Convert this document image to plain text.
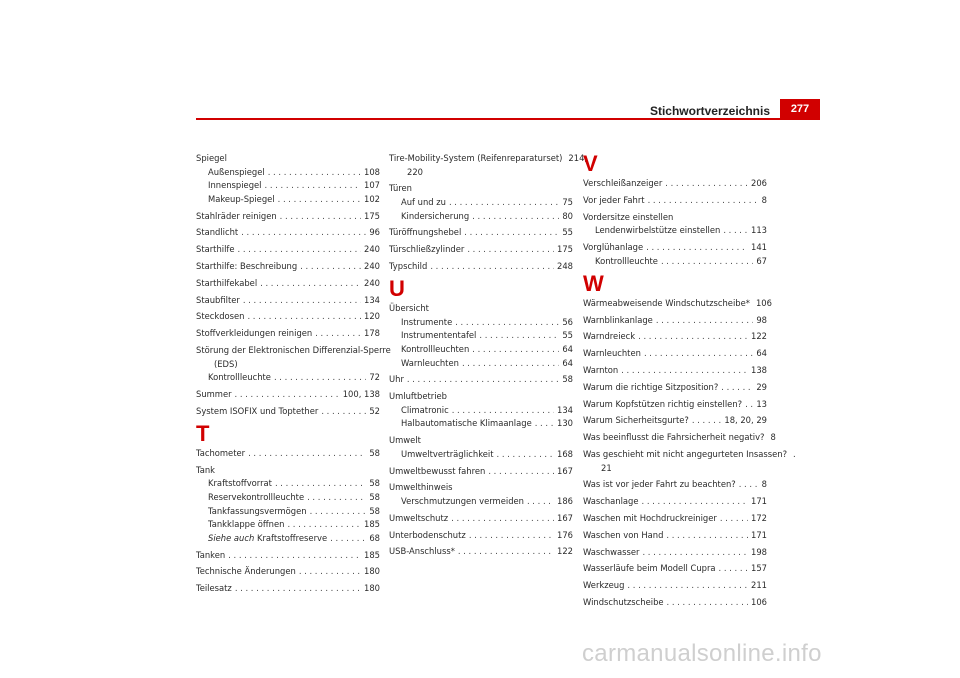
Stichwortverzeichnis	277
Spiegel
Außenspiegel . . .	108
Innenspiegel . . .	107
Makeup-Spiegel . . .	102
Stahlräder reinigen . . .	175
Standlicht . . .	96
Starthilfe . . .	240
Starthilfe: Beschreibung . . .	240
Starthilfekabel . . .	240
Staubfilter . . .	134
Steckdosen . . .	120
Stoffverkleidungen reinigen . . .	178
Störung der Elektronischen Differenzial-Sperre
(EDS)
Kontrollleuchte . . .	72
Summer . . .	100, 138
System ISOFIX und Toptether . . .	52
T
Tachometer . . .	58
Tank
Kraftstoffvorrat . . .	58
Reservekontrollleuchte . . .	58
Tankfassungsvermögen . . .	58
Tankklappe öffnen . . .	185
Siehe auch Kraftstoffreserve . . .	68
Tanken . . .	185
Technische Änderungen . . .	180
Teilesatz . . .	180
Tire-Mobility-System (Reifenreparaturset) 214,
220
Türen
Auf und zu . . .	75
Kindersicherung . . .	80
Türöffnungshebel . . .	55
Türschließzylinder . . .	175
Typschild . . .	248
U
Übersicht
Instrumente . . .	56
Instrumententafel . . .	55
Kontrollleuchten . . .	64
Warnleuchten . . .	64
Uhr . . .	58
Umluftbetrieb
Climatronic . . .	134
Halbautomatische Klimaanlage . . .	130
Umwelt
Umweltverträglichkeit . . .	168
Umweltbewusst fahren . . .	167
Umwelthinweis
Verschmutzungen vermeiden . . .	186
Umweltschutz . . .	167
Unterbodenschutz . . .	176
USB-Anschluss* . . .	122
V
Verschleißanzeiger . . .	206
Vor jeder Fahrt . . .	8
Vordersitze einstellen
Lendenwirbelstütze einstellen . . .	113
Vorglühanlage . . .	141
Kontrollleuchte . . .	67
W
Wärmeabweisende Windschutzscheibe* 106
Warnblinkanlage . . .	98
Warndreieck . . .	122
Warnleuchten . . .	64
Warnton . . .	138
Warum die richtige Sitzposition? . . .	29
Warum Kopfstützen richtig einstellen? . . . 13
Warum Sicherheitsgurte? . . .	18, 20, 29
Was beeinflusst die Fahrsicherheit negativ? 8
Was geschieht mit nicht angegurteten Insassen? .
21
Was ist vor jeder Fahrt zu beachten? . . .	8
Waschanlage . . .	171
Waschen mit Hochdruckreiniger . . .	172
Waschen von Hand . . .	171
Waschwasser . . .	198
Wasserläufe beim Modell Cupra . . .	157
Werkzeug . . .	211
Windschutzscheibe . . .	106
carmanualsonline.info
